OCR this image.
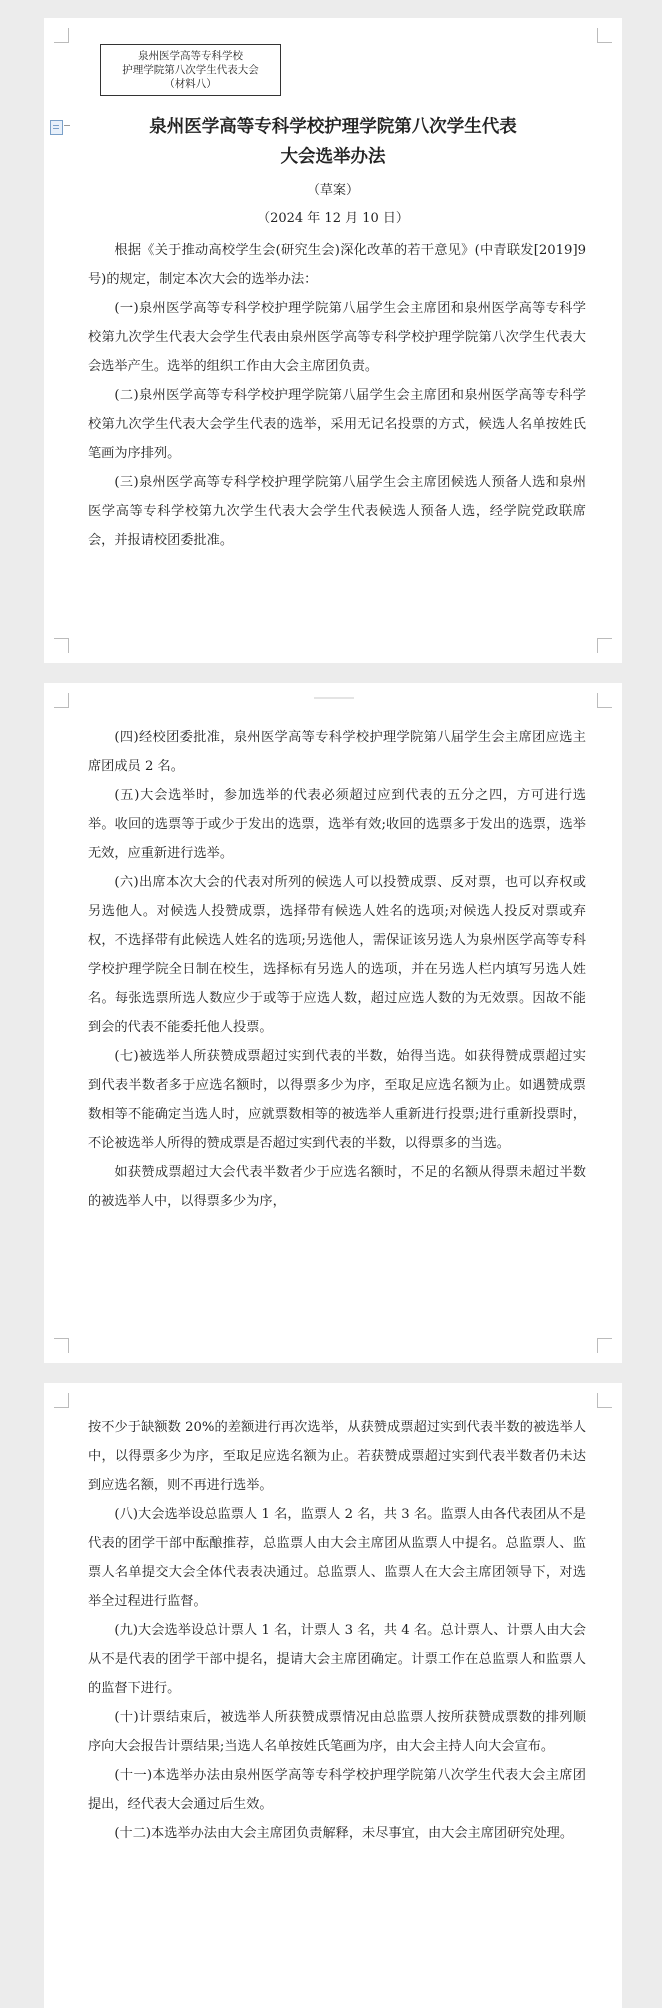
泉州医学高等专科学校
护理学院第八次学生代表大会
（材料八）
泉州医学高等专科学校护理学院第八次学生代表
大会选举办法
（草案）
（2024 年 12 月 10 日）

根据《关于推动高校学生会(研究生会)深化改革的若干意见》(中青联发[2019]9 号)的规定，制定本次大会的选举办法：

(一)泉州医学高等专科学校护理学院第八届学生会主席团和泉州医学高等专科学校第九次学生代表大会学生代表由泉州医学高等专科学校护理学院第八次学生代表大会选举产生。选举的组织工作由大会主席团负责。

(二)泉州医学高等专科学校护理学院第八届学生会主席团和泉州医学高等专科学校第九次学生代表大会学生代表的选举，采用无记名投票的方式，候选人名单按姓氏笔画为序排列。

(三)泉州医学高等专科学校护理学院第八届学生会主席团候选人预备人选和泉州医学高等专科学校第九次学生代表大会学生代表候选人预备人选，经学院党政联席会，并报请校团委批准。

(四)经校团委批准，泉州医学高等专科学校护理学院第八届学生会主席团应选主席团成员 2 名。

(五)大会选举时，参加选举的代表必须超过应到代表的五分之四，方可进行选举。收回的选票等于或少于发出的选票，选举有效;收回的选票多于发出的选票，选举无效，应重新进行选举。

(六)出席本次大会的代表对所列的候选人可以投赞成票、反对票，也可以弃权或另选他人。对候选人投赞成票，选择带有候选人姓名的选项;对候选人投反对票或弃权，不选择带有此候选人姓名的选项;另选他人，需保证该另选人为泉州医学高等专科学校护理学院全日制在校生，选择标有另选人的选项，并在另选人栏内填写另选人姓名。每张选票所选人数应少于或等于应选人数，超过应选人数的为无效票。因故不能到会的代表不能委托他人投票。

(七)被选举人所获赞成票超过实到代表的半数，始得当选。如获得赞成票超过实到代表半数者多于应选名额时，以得票多少为序，至取足应选名额为止。如遇赞成票数相等不能确定当选人时，应就票数相等的被选举人重新进行投票;进行重新投票时，不论被选举人所得的赞成票是否超过实到代表的半数，以得票多的当选。

如获赞成票超过大会代表半数者少于应选名额时，不足的名额从得票未超过半数的被选举人中，以得票多少为序，

按不少于缺额数 20%的差额进行再次选举，从获赞成票超过实到代表半数的被选举人中，以得票多少为序，至取足应选名额为止。若获赞成票超过实到代表半数者仍未达到应选名额，则不再进行选举。

(八)大会选举设总监票人 1 名，监票人 2 名，共 3 名。监票人由各代表团从不是代表的团学干部中酝酿推荐，总监票人由大会主席团从监票人中提名。总监票人、监票人名单提交大会全体代表表决通过。总监票人、监票人在大会主席团领导下，对选举全过程进行监督。

(九)大会选举设总计票人 1 名，计票人 3 名，共 4 名。总计票人、计票人由大会从不是代表的团学干部中提名，提请大会主席团确定。计票工作在总监票人和监票人的监督下进行。

(十)计票结束后，被选举人所获赞成票情况由总监票人按所获赞成票数的排列顺序向大会报告计票结果;当选人名单按姓氏笔画为序，由大会主持人向大会宣布。

(十一)本选举办法由泉州医学高等专科学校护理学院第八次学生代表大会主席团提出，经代表大会通过后生效。

(十二)本选举办法由大会主席团负责解释，未尽事宜，由大会主席团研究处理。
